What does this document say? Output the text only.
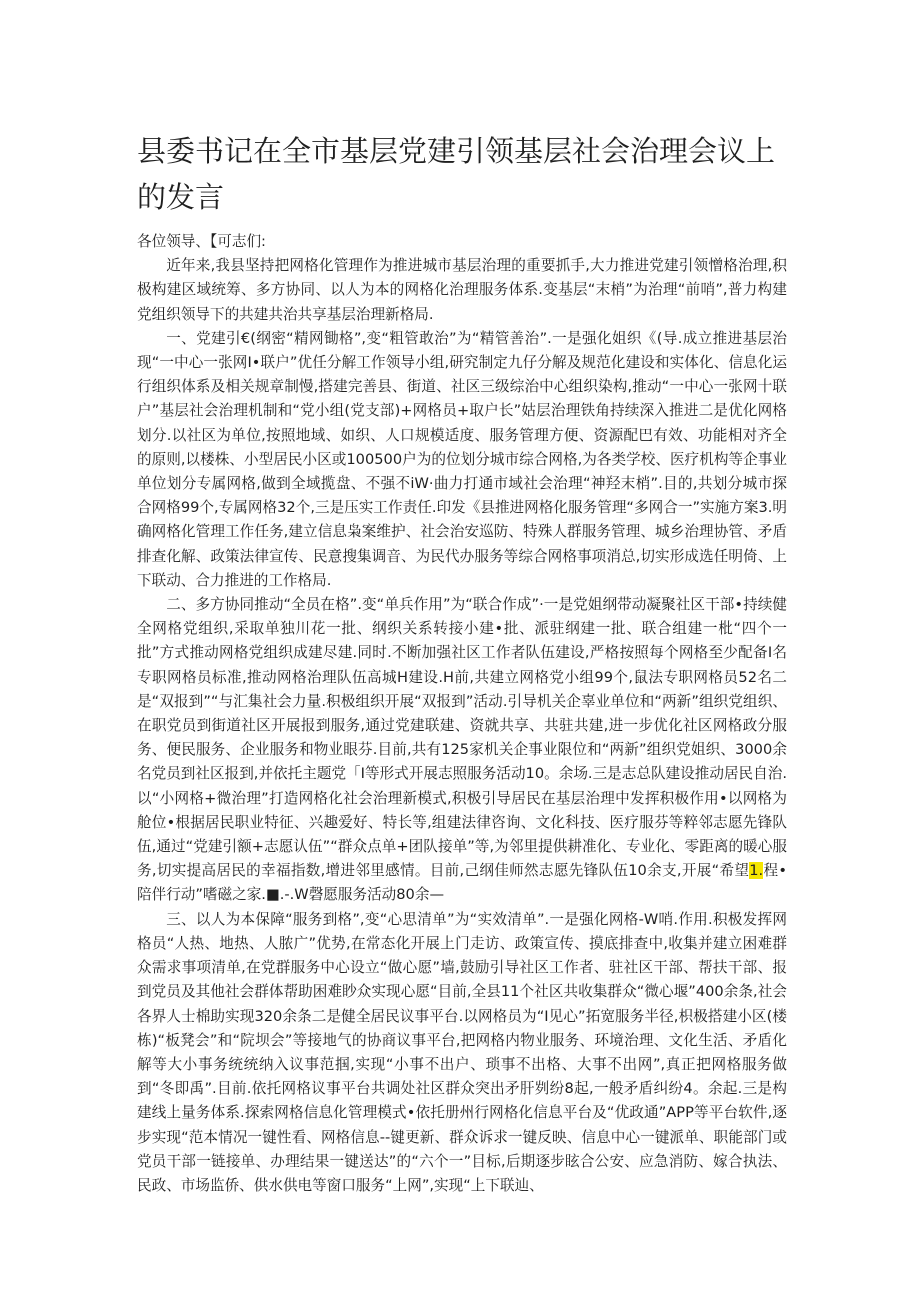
县委书记在全市基层党建引领基层社会治理会议上的发言

各位领导、【可志们:

近年来,我县坚持把网格化管理作为推进城市基层治理的重要抓手,大力推进党建引领憎格治理,积极构建区域统筹、多方协同、以人为本的网格化治理服务体系.变基层“末梢”为治理“前哨”,普力构建党组织领导下的共建共治共享基层治理新格局.

一、党建引€(纲密“精网锄格”,变“粗管敢治”为“精管善治”.一是强化姐织《(导.成立推进基层治现“一中心一张网I•联户”优任分解工作领导小组,研究制定九仔分解及规范化建设和实体化、信息化运行组织体系及相关规章制慢,搭建完善县、街道、社区三级综治中心组织染构,推动“一中心一张网十联户”基层社会治理机制和“党小组(党支部)+网格员+取户长”姑层治理铁角持续深入推进二是优化网格划分.以社区为单位,按照地域、如织、人口规模适度、服务管理方便、资源配巴有效、功能相对齐全的原则,以楼株、小型居民小区或100500户为的位划分城市综合网格,为各类学校、医疗机构等企事业单位划分专属网格,做到全域揽盘、不强不iW·曲力打通市域社会治理“神羟末梢”.目的,共划分城市探合网格99个,专属网格32个,三是压实工作责任.印发《县推进网格化服务管理“多网合一”实施方案3.明确网格化管理工作任务,建立信息枭案维护、社会治安巡防、特殊人群服务管理、城乡治理协管、矛盾排查化解、政策法律宣传、民意搜集调音、为民代办服务等综合网格事项消总,切实形成选任明倚、上下联动、合力推进的工作格局.

二、多方协同推动“全员在格”.变“单兵作用”为“联合作成”·一是党姐纲带动凝聚社区干部•持续健全网格党组织,采取单独川花一批、纲织关系转接小建•批、派驻纲建一批、联合组建一枇“四个一批”方式推动网格党组织成建尽建.同时.不断加强社区工作者队伍建设,严格按照每个网格至少配备I名专职网格员标准,推动网格治理队伍高城H建设.H前,共建立网格党小组99个,鼠法专职网格员52名二是“双报到”“与汇集社会力量.积极组织开展“双报到”活动.引导机关企辜业单位和“两新”组织党组织、在职党员到街道社区开展报到服务,通过党建联建、资就共享、共驻共建,进一步优化社区网格政分服务、便民服务、企业服务和物业眼芬.目前,共有125家机关企事业限位和“两新”组织党姐织、3000余名党员到社区报到,并依托主题党「I等形式开展志照服务活动10。余场.三是志总队建设推动居民自治.以“小网格+微治理”打造网格化社会治理新模式,积极引导居民在基层治理中发挥积极作用•以网格为舱位•根据居民职业特征、兴趣爱好、特长等,组建法律咨询、文化科技、医疗服芬等粹邻志愿先锋队伍,通过“党建引额+志愿认伍”“群众点单+团队接单”等,为邻里提供耕准化、专业化、零距离的暖心服务,切实提高居民的幸福指数,增进邻里感情。目前,己纲佳师然志愿先锋队伍10余支,开展“希望1.程•陪伴行动”嗜磁之家.■.-.W磬愿服务活动80余—

三、以人为本保障“服务到格”,变“心思清单”为“实效清单”.一是强化网格-W哨.作用.积极发挥网格员“人热、地热、人脓广”优势,在常态化开展上门走访、政策宣传、摸底排查中,收集并建立困难群众需求事项清单,在党群服务中心设立“做心愿”墙,鼓励引导社区工作者、驻社区干部、帮扶干部、报到党员及其他社会群体帮助困难眇众实现心愿“目前,全县11个社区共收集群众“微心堰”400余条,社会各界人士棉助实现320余条二是健全居民议事平台.以网格员为“I见心”拓宽服务半径,枳极搭建小区(楼栋)“板凳会”和“院坝会”等接地气的协商议事平台,把网格内物业服务、环境治理、文化生活、矛盾化解等大小事务统统纳入议事范掴,实现“小事不出户、琐事不出格、大事不出网”,真正把网格服务做到“冬即禹”.目前.依托网格议事平台共调处社区群众突出矛肝刿纷8起,一般矛盾纠纷4。余起.三是构建线上量务体系.探索网格信息化管理模式•依托册州行网格化信息平台及“优政通”APP等平台软件,逐步实现“范本情况一键性看、网格信息--键更新、群众诉求一键反映、信息中心一键派单、职能部门或党员干部一链接单、办理结果一键送达”的“六个一”目标,后期逐步眩合公安、应急消防、嫁合执法、民政、市场监侨、供水供电等窗口服务“上网”,实现“上下联辿、
